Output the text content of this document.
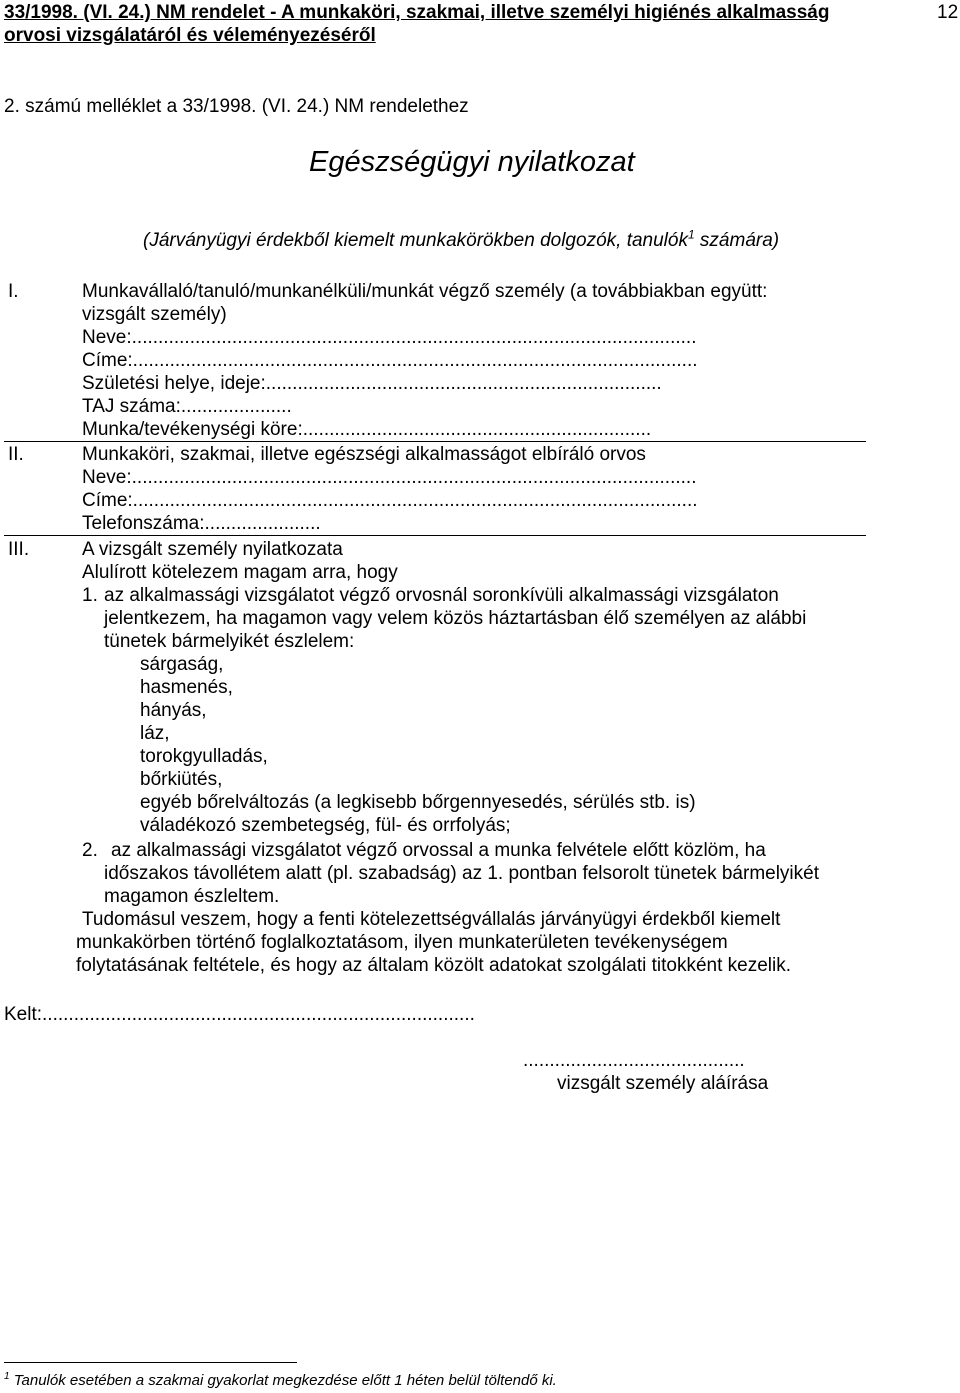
33/1998. (VI. 24.) NM rendelet - A munkaköri, szakmai, illetve személyi higiénés alkalmasság
orvosi vizsgálatáról és véleményezéséről
12
2. számú melléklet a 33/1998. (VI. 24.) NM rendelethez
Egészségügyi nyilatkozat
(Járványügyi érdekből kiemelt munkakörökben dolgozók, tanulók$^1$ számára)
I.	Munkavállaló/tanuló/munkanélküli/munkát végző személy (a továbbiakban együtt:
vizsgált személy)
Neve:...........................................................................................................
Címe:...........................................................................................................
Születési helye, ideje:...........................................................................
TAJ száma:.....................
Munka/tevékenységi köre:..................................................................
II.	Munkaköri, szakmai, illetve egészségi alkalmasságot elbíráló orvos
Neve:...........................................................................................................
Címe:...........................................................................................................
Telefonszáma:......................
III.	A vizsgált személy nyilatkozata
Alulírott kötelezem magam arra, hogy
1. az alkalmassági vizsgálatot végző orvosnál soronkívüli alkalmassági vizsgálaton
jelentkezem, ha magamon vagy velem közös háztartásban élő személyen az alábbi
tünetek bármelyikét észlelem:
sárgaság,
hasmenés,
hányás,
láz,
torokgyulladás,
bőrkiütés,
egyéb bőrelváltozás (a legkisebb bőrgennyesedés, sérülés stb. is)
váladékozó szembetegség, fül- és orrfolyás;
2. az alkalmassági vizsgálatot végző orvossal a munka felvétele előtt közlöm, ha
időszakos távollétem alatt (pl. szabadság) az 1. pontban felsorolt tünetek bármelyikét
magamon észleltem.
Tudomásul veszem, hogy a fenti kötelezettségvállalás járványügyi érdekből kiemelt
munkakörben történő foglalkoztatásom, ilyen munkaterületen tevékenységem
folytatásának feltétele, és hogy az általam közölt adatokat szolgálati titokként kezelik.
Kelt:..................................................................................
..........................................
vizsgált személy aláírása
$^1$ Tanulók esetében a szakmai gyakorlat megkezdése előtt 1 héten belül töltendő ki.
